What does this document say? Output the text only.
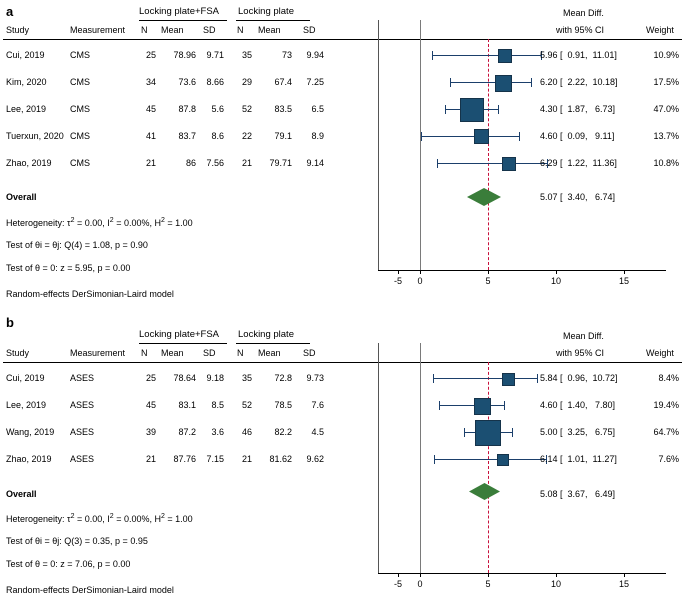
a	Locking plate+FSA Locking plate
Study	Measurement N Mean SD N Mean SD
Mean Diff.
with 95% CI	Weight
-5	0	5	10	15
Cui, 2019	CMS	25	78.96	9.71	35	73	9.94	5.96 [  0.91,  11.01]	10.9%
Kim, 2020	CMS	34	73.6	8.66	29	67.4	7.25	6.20 [  2.22,  10.18]	17.5%
Lee, 2019	CMS	45	87.8	5.6	52	83.5	6.5	4.30 [  1.87,   6.73]	47.0%
Tuerxun, 2020 CMS	41	83.7	8.6	22	79.1	8.9	4.60 [  0.09,   9.11]	13.7%
Zhao, 2019 CMS	21	86	7.56	21	79.71	9.14	6.29 [  1.22,  11.36]	10.8%
Overall	5.07 [  3.40,   6.74]
Heterogeneity: $\tau^2 = 0.00$, $I^2 = 0.00\%$, $H^2 = 1.00$
Test of θi = θj: Q(4) = 1.08, p = 0.90
Test of θ = 0: z = 5.95, p = 0.00
Random-effects DerSimonian-Laird model
b
Locking plate+FSA Locking plate
Study	Measurement N Mean SD N Mean SD
Mean Diff.
with 95% CI	Weight
-5	0	5	10	15
Cui, 2019	ASES	25	78.64	9.18	35	72.8	9.73	5.84 [  0.96,  10.72]	8.4%
Lee, 2019	ASES	45	83.1	8.5	52	78.5	7.6	4.60 [  1.40,   7.80]	19.4%
Wang, 2019 ASES	39	87.2	3.6	46	82.2	4.5	5.00 [  3.25,   6.75]	64.7%
Zhao, 2019 ASES	21	87.76	7.15	21	81.62	9.62	6.14 [  1.01,  11.27]	7.6%
Overall	5.08 [  3.67,   6.49]
Heterogeneity: $\tau^2 = 0.00$, $I^2 = 0.00\%$, $H^2 = 1.00$
Test of θi = θj: Q(3) = 0.35, p = 0.95
Test of θ = 0: z = 7.06, p = 0.00
Random-effects DerSimonian-Laird model
